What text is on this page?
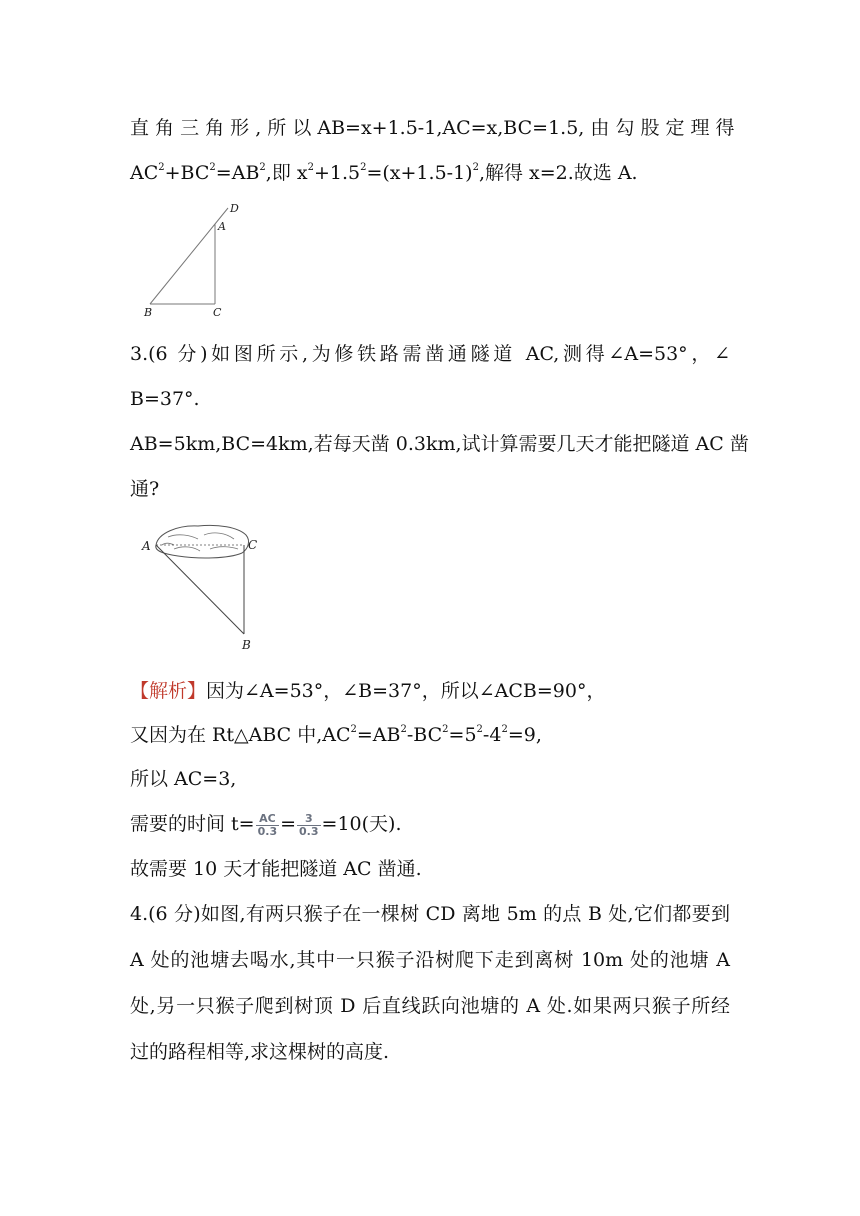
直 角 三 角 形 , 所 以 AB=x+1.5-1,AC=x,BC=1.5, 由 勾 股 定 理 得
$AC^2+BC^2=AB^2$,即 $x^2+1.5^2=(x+1.5-1)^2$,解得 x=2.故选 A.
D
A
B	C
3.(6 分)如图所示,为修铁路需凿通隧道 AC,测得∠A=53°，∠
B=37°.
AB=5km,BC=4km,若每天凿 0.3km,试计算需要几天才能把隧道 AC 凿
通?
A	C
B
【解析】因为∠A=53°，∠B=37°，所以∠ACB=90°，
又因为在 Rt△ABC 中$,AC^2=AB^2-BC^2=5^2-4^2=9$,
所以 AC=3,
需要的时间 $t= \frac{AC}{0.3} = \frac{3}{0.3} =10$(天).
故需要 10 天才能把隧道 AC 凿通.
4.(6 分)如图,有两只猴子在一棵树 CD 离地 5m 的点 B 处,它们都要到
A 处的池塘去喝水,其中一只猴子沿树爬下走到离树 10m 处的池塘 A
处,另一只猴子爬到树顶 D 后直线跃向池塘的 A 处.如果两只猴子所经
过的路程相等,求这棵树的高度.
